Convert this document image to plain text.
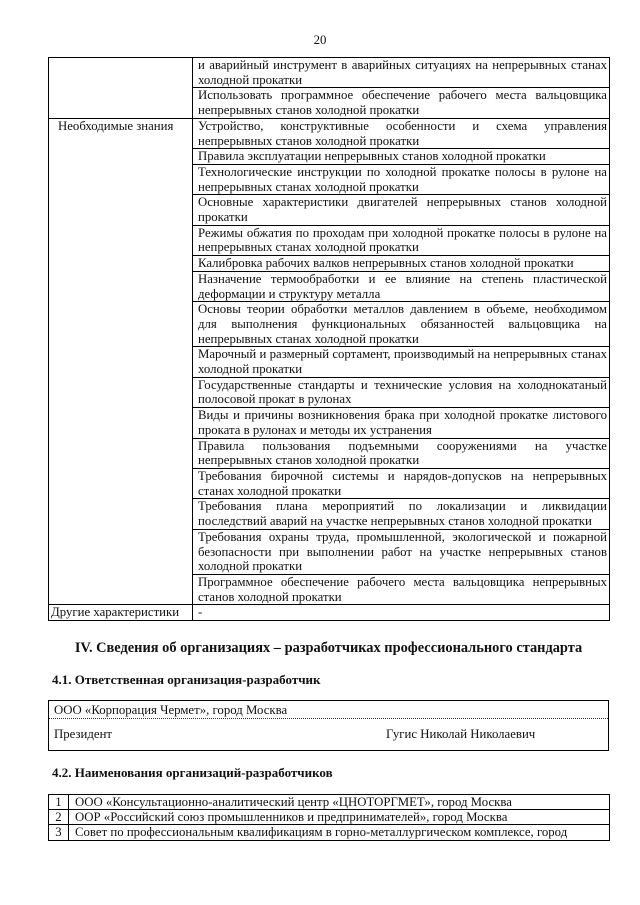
20
	и аварийный инструмент в аварийных ситуациях на непрерывных станах холодной прокатки
	Использовать программное обеспечение рабочего места вальцовщика непрерывных станов холодной прокатки
Необходимые знания	Устройство, конструктивные особенности и схема управления непрерывных станов холодной прокатки
	Правила эксплуатации непрерывных станов холодной прокатки
	Технологические инструкции по холодной прокатке полосы в рулоне на непрерывных станах холодной прокатки
	Основные характеристики двигателей непрерывных станов холодной прокатки
	Режимы обжатия по проходам при холодной прокатке полосы в рулоне на непрерывных станах холодной прокатки
	Калибровка рабочих валков непрерывных станов холодной прокатки
	Назначение термообработки и ее влияние на степень пластической деформации и структуру металла
	Основы теории обработки металлов давлением в объеме, необходимом для выполнения функциональных обязанностей вальцовщика на непрерывных станах холодной прокатки
	Марочный и размерный сортамент, производимый на непрерывных станах холодной прокатки
	Государственные стандарты и технические условия на холоднокатаный полосовой прокат в рулонах
	Виды и причины возникновения брака при холодной прокатке листового проката в рулонах и методы их устранения
	Правила пользования подъемными сооружениями на участке непрерывных станов холодной прокатки
	Требования бирочной системы и нарядов-допусков на непрерывных станах холодной прокатки
	Требования плана мероприятий по локализации и ликвидации последствий аварий на участке непрерывных станов холодной прокатки
	Требования охраны труда, промышленной, экологической и пожарной безопасности при выполнении работ на участке непрерывных станов холодной прокатки
	Программное обеспечение рабочего места вальцовщика непрерывных станов холодной прокатки
Другие характеристики	-
IV. Сведения об организациях – разработчиках профессионального стандарта
4.1. Ответственная организация-разработчик
ООО «Корпорация Чермет», город Москва
Президент	Гугис Николай Николаевич
4.2. Наименования организаций-разработчиков
1	ООО «Консультационно-аналитический центр «ЦНОТОРГМЕТ», город Москва
2	ООР «Российский союз промышленников и предпринимателей», город Москва
3	Совет по профессиональным квалификациям в горно-металлургическом комплексе, город
